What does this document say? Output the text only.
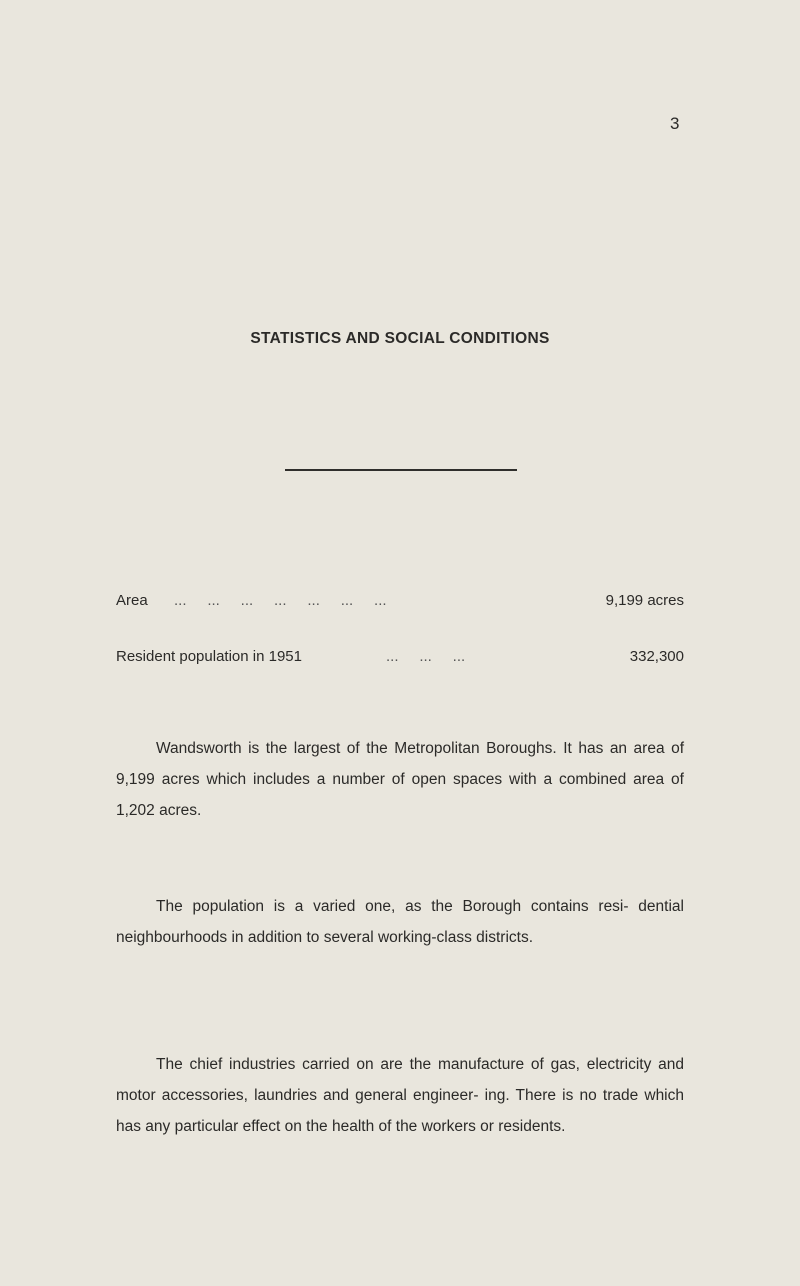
3
STATISTICS AND SOCIAL CONDITIONS
Area ...     ...     ...     ...     ...     ...     ...	9,199 acres
Resident population in 1951	...     ...     ...	332,300

Wandsworth is the largest of the Metropolitan Boroughs. It has an area of 9,199 acres which includes a number of open spaces with a combined area of 1,202 acres.

The population is a varied one, as the Borough contains resi- dential neighbourhoods in addition to several working-class districts.

The chief industries carried on are the manufacture of gas, electricity and motor accessories, laundries and general engineer- ing. There is no trade which has any particular effect on the health of the workers or residents.
